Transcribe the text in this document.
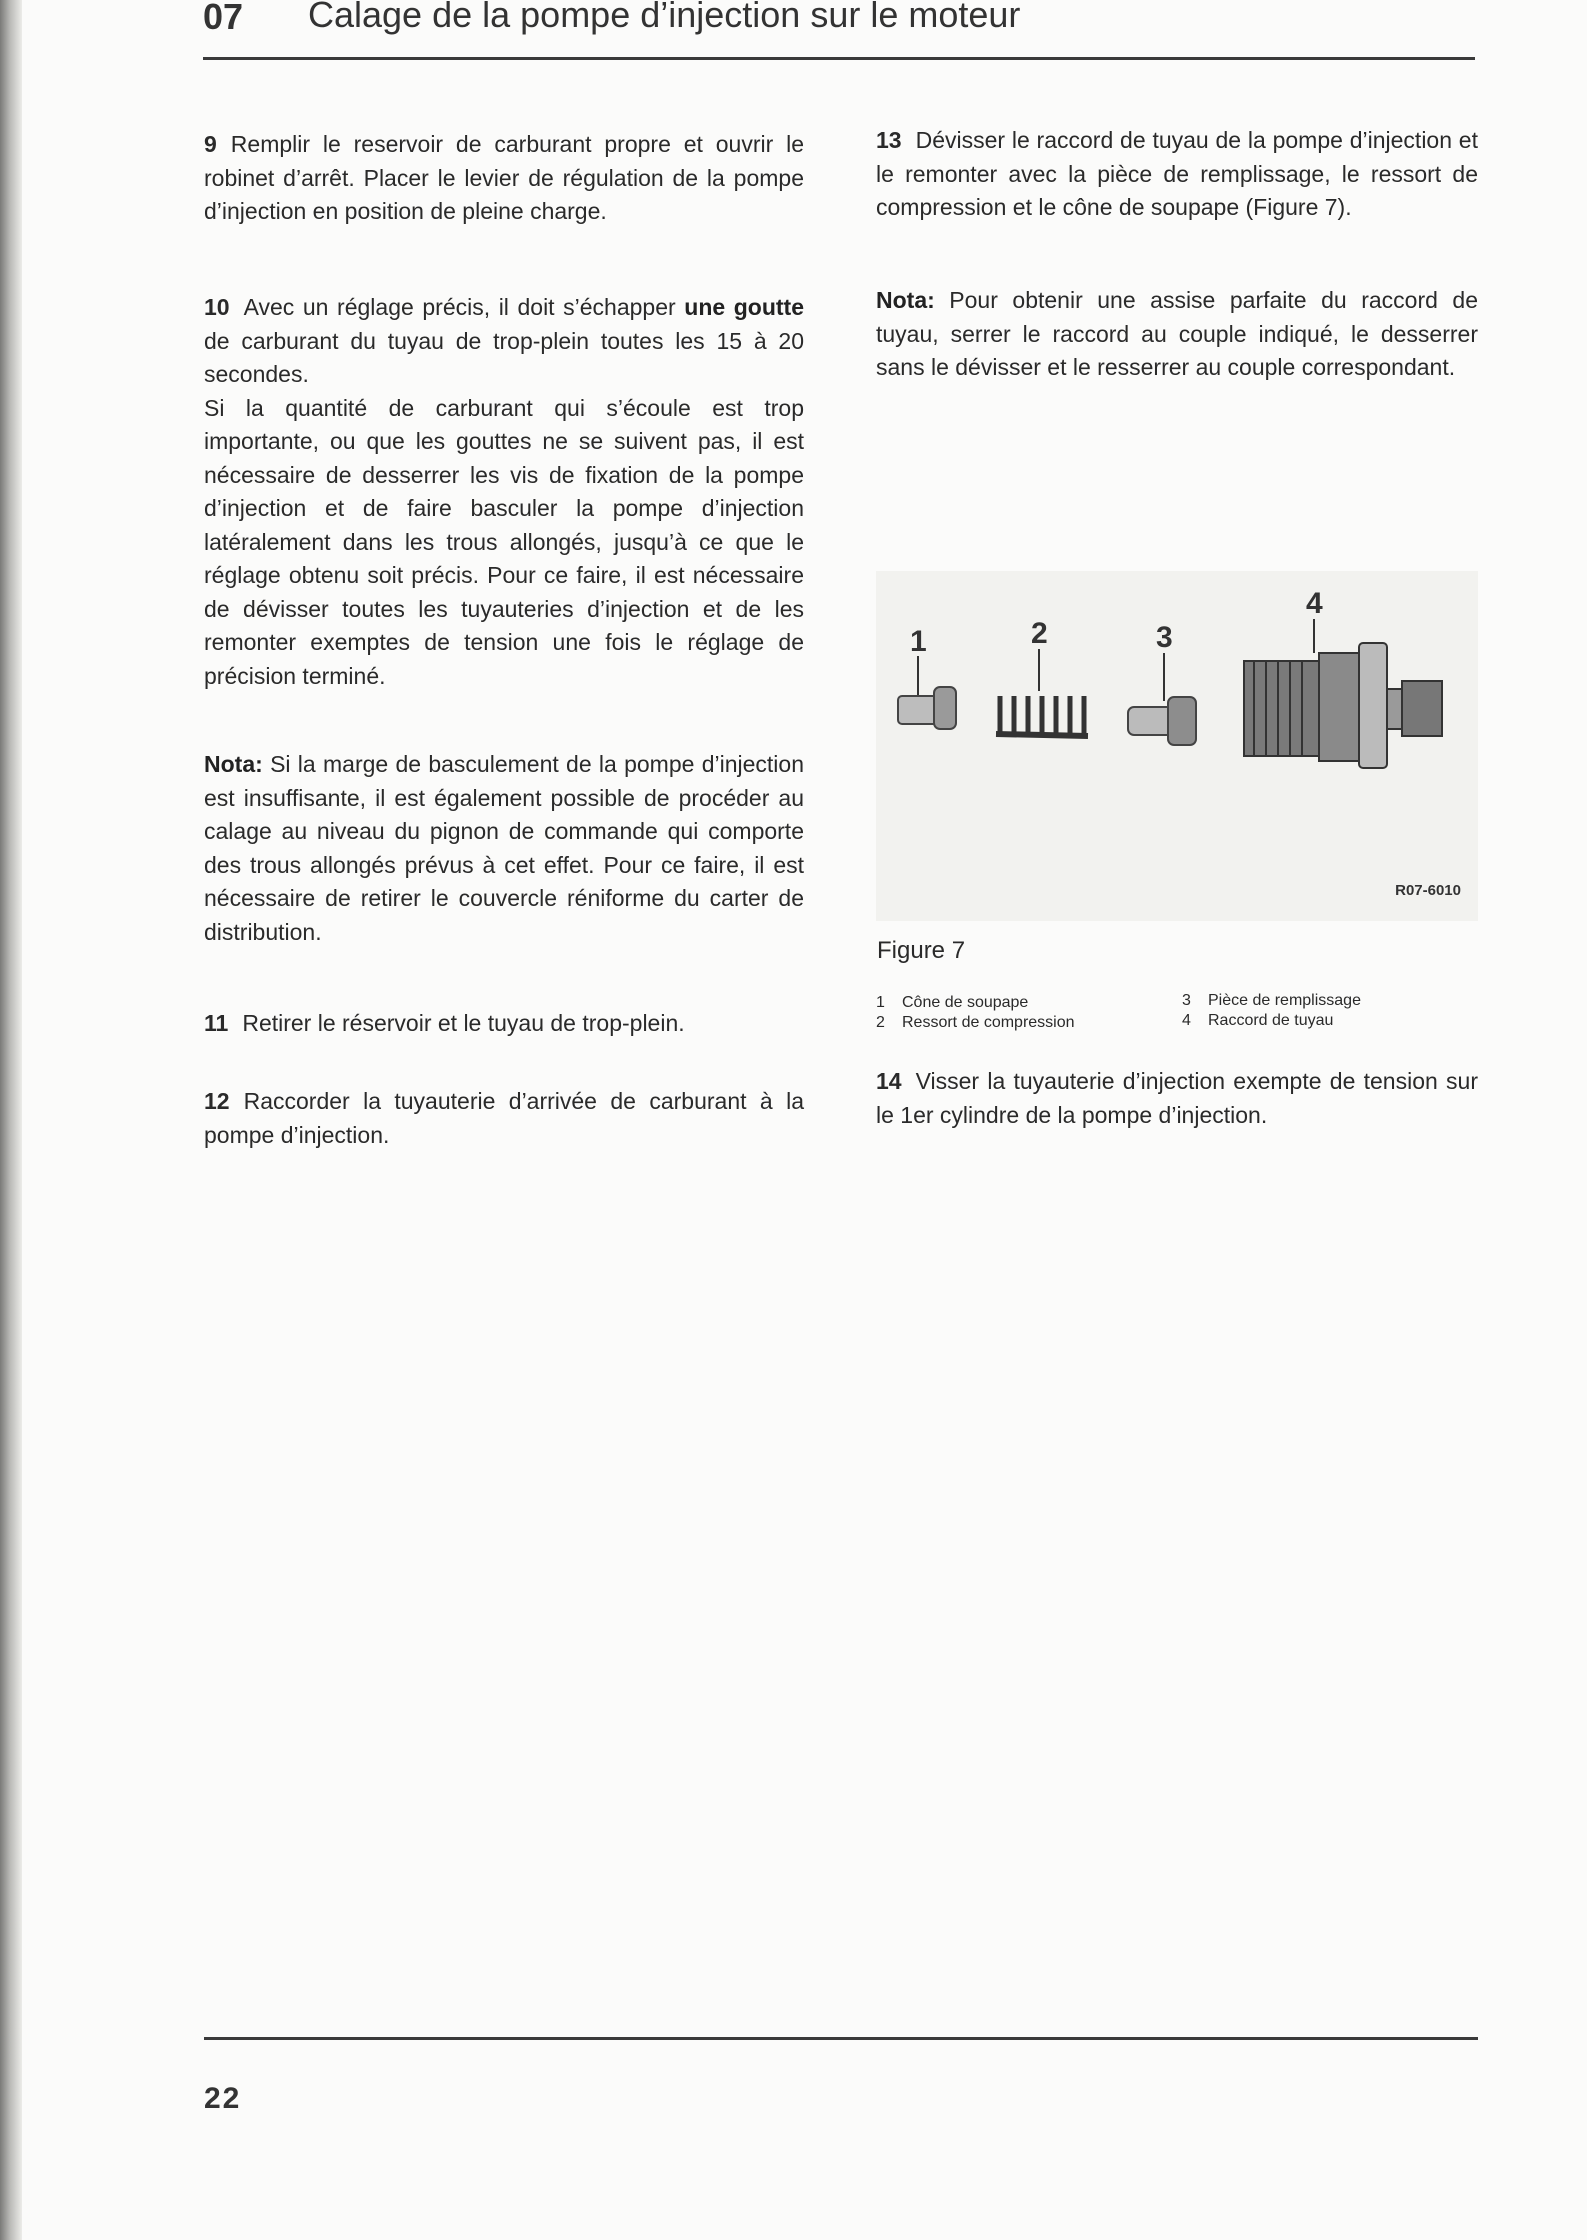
07 Calage de la pompe d’injection sur le moteur
9 Remplir le reservoir de carburant propre et ouvrir le robinet d’arrêt. Placer le levier de régulation de la pompe d’injection en position de pleine charge.
10 Avec un réglage précis, il doit s’échapper une goutte de carburant du tuyau de trop-plein toutes les 15 à 20 secondes.
Si la quantité de carburant qui s’écoule est trop importante, ou que les gouttes ne se suivent pas, il est nécessaire de desserrer les vis de fixation de la pompe d’injection et de faire basculer la pompe d’injection latéralement dans les trous allongés, jusqu’à ce que le réglage obtenu soit précis. Pour ce faire, il est nécessaire de dévisser toutes les tuyauteries d’injection et de les remonter exemptes de tension une fois le réglage de précision terminé.
Nota: Si la marge de basculement de la pompe d’injection est insuffisante, il est également possible de procéder au calage au niveau du pignon de commande qui comporte des trous allongés prévus à cet effet. Pour ce faire, il est nécessaire de retirer le couvercle réniforme du carter de distribution.
11 Retirer le réservoir et le tuyau de trop-plein.
12 Raccorder la tuyauterie d’arrivée de carburant à la pompe d’injection.
13 Dévisser le raccord de tuyau de la pompe d’injection et le remonter avec la pièce de remplissage, le ressort de compression et le cône de soupape (Figure 7).
Nota: Pour obtenir une assise parfaite du raccord de tuyau, serrer le raccord au couple indiqué, le desserrer sans le dévisser et le resserrer au couple correspondant.
1	2	3
4
R07-6010
Figure 7
1 Cône de soupape
2 Ressort de compression
3 Pièce de remplissage
4 Raccord de tuyau
14 Visser la tuyauterie d’injection exempte de tension sur le 1er cylindre de la pompe d’injection.
22
